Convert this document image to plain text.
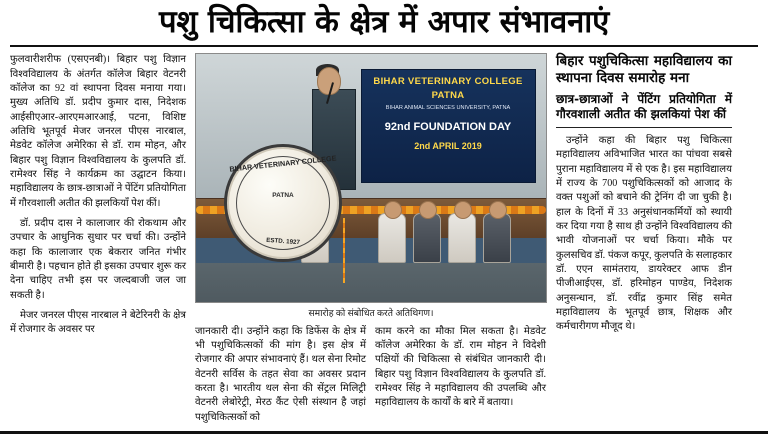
पशु चिकित्सा के क्षेत्र में अपार संभावनाएं

फुलवारीशरीफ (एसएनबी)। बिहार पशु विज्ञान विश्वविद्यालय के अंतर्गत कॉलेज बिहार वेटनरी कॉलेज का 92 वां स्थापना दिवस मनाया गया। मुख्य अतिथि डॉ. प्रदीप कुमार दास, निदेशक आईसीएआर-आरएमआरआई, पटना, विशिष्ट अतिथि भूतपूर्व मेजर जनरल पीएस नारबाल, मेडवेट कॉलेज अमेरिका से डॉ. राम मोहन, और बिहार पशु विज्ञान विश्वविद्यालय के कुलपति डॉ. रामेश्वर सिंह ने कार्यक्रम का उद्घाटन किया। महाविद्यालय के छात्र-छात्राओं ने पेंटिंग प्रतियोगिता में गौरवशाली अतीत की झलकियाँ पेश कीं।

डॉ. प्रदीप दास ने कालाजार की रोकथाम और उपचार के आधुनिक सुधार पर चर्चा की। उन्होंने कहा कि कालाजार एक बेकरार जनित गंभीर बीमारी है। पहचान होते ही इसका उपचार शुरू कर देना चाहिए तभी इस पर जल्दबाजी जल जा सकती है।

मेजर जनरल पीएस नारबाल ने बेटेरिनरी के क्षेत्र में रोजगार के अवसर पर

BIHAR VETERINARY COLLEGE PATNA
BIHAR ANIMAL SCIENCES UNIVERSITY, PATNA
92nd FOUNDATION DAY
2nd APRIL 2019
BIHAR VETERINARY COLLEGE
PATNA
ESTD. 1927
समारोह को संबोधित करते अतिथिगण।
जानकारी दी। उन्होंने कहा कि डिफेंस के क्षेत्र में भी पशुचिकित्सकों की मांग है। इस क्षेत्र में रोजगार की अपार संभावनाएं हैं। थल सेना रिमोट वेटनरी सर्विस के तहत सेवा का अवसर प्रदान करता है। भारतीय थल सेना की सेंट्रल मिलिट्री वेटनरी लेबोरेट्री, मेरठ कैंट ऐसी संस्थान है जहां पशुचिकित्सकों को
काम करने का मौका मिल सकता है। मेडवेट कॉलेज अमेरिका के डॉ. राम मोहन ने विदेशी पक्षियों की चिकित्सा से संबंधित जानकारी दी। बिहार पशु विज्ञान विश्वविद्यालय के कुलपति डॉ. रामेश्वर सिंह ने महाविद्यालय की उपलब्धि और महाविद्यालय के कार्यों के बारे में बताया।
बिहार पशुचिकित्सा महाविद्यालय का स्थापना दिवस समारोह मना
छात्र-छात्राओं ने पेंटिंग प्रतियोगिता में गौरवशाली अतीत की झलकियां पेश कीं

उन्होंने कहा की बिहार पशु चिकित्सा महाविद्यालय अविभाजित भारत का पांचवा सबसे पुराना महाविद्यालय में से एक है। इस महाविद्यालय में राज्य के 700 पशुचिकित्सकों को आजाद के वक्त पशुओं को बचाने की ट्रेनिंग दी जा चुकी है। हाल के दिनों में 33 अनुसंधानकर्मियों को स्थायी कर दिया गया है साथ ही उन्होंने विश्वविद्यालय की भावी योजनाओं पर चर्चा किया। मौके पर कुलसचिव डॉ. पंकज कपूर, कुलपति के सलाहकार डॉ. एएन सामंतराय, डायरेक्टर आफ डीन पीजीआईएस, डॉ. हरिमोहन पाण्डेय, निदेशक अनुसन्धान, डॉ. रवींद्र कुमार सिंह समेत महाविद्यालय के भूतपूर्व छात्र, शिक्षक और कर्मचारीगण मौजूद थे।
